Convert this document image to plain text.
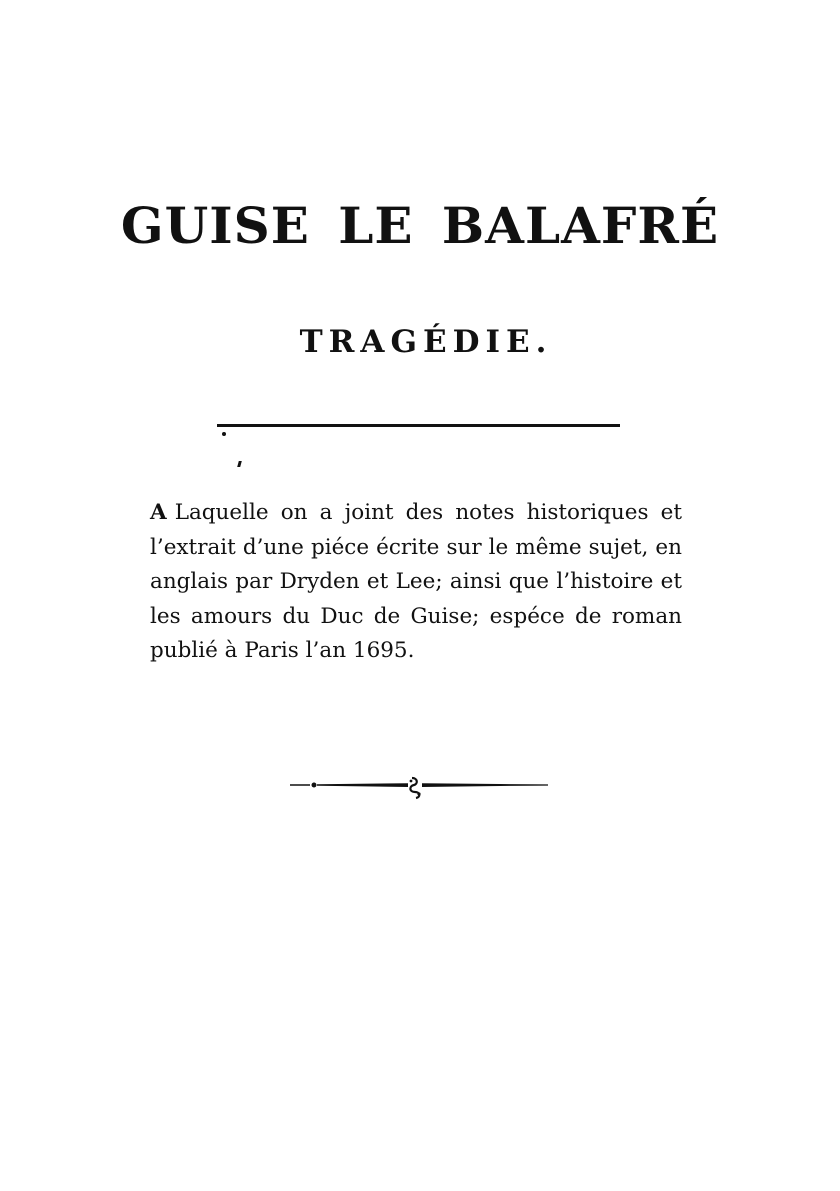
GUISE LE BALAFRÉ
TRAGÉDIE.

A Laquelle on a joint des notes historiques et l’extrait d’une piéce écrite sur le même sujet, en anglais par Dryden et Lee; ainsi que l’histoire et les amours du Duc de Guise; espéce de roman publié à Paris l’an 1695.
